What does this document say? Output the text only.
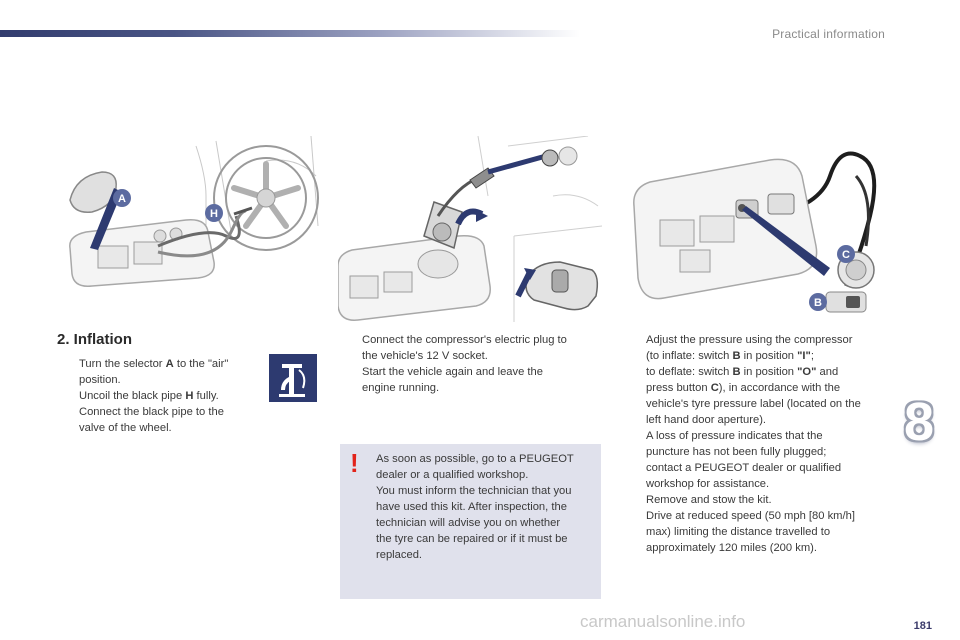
Practical information
A
H
C
B
2. Inflation
Turn the selector A to the "air"
position.
Uncoil the black pipe H fully.
Connect the black pipe to the
valve of the wheel.
Connect the compressor's electric plug to
the vehicle's 12 V socket.
Start the vehicle again and leave the
engine running.
! As soon as possible, go to a PEUGEOT

dealer or a qualified workshop.

You must inform the technician that you

have used this kit. After inspection, the

technician will advise you on whether

the tyre can be repaired or if it must be

replaced.

Adjust the pressure using the compressor
(to inflate: switch B in position "I";
to deflate: switch B in position "O" and
press button C), in accordance with the
vehicle's tyre pressure label (located on the
left hand door aperture).
A loss of pressure indicates that the
puncture has not been fully plugged;
contact a PEUGEOT dealer or qualified
workshop for assistance.
Remove and stow the kit.
Drive at reduced speed (50 mph [80 km/h]
max) limiting the distance travelled to
approximately 120 miles (200 km).
8
carmanualsonline.info	181
